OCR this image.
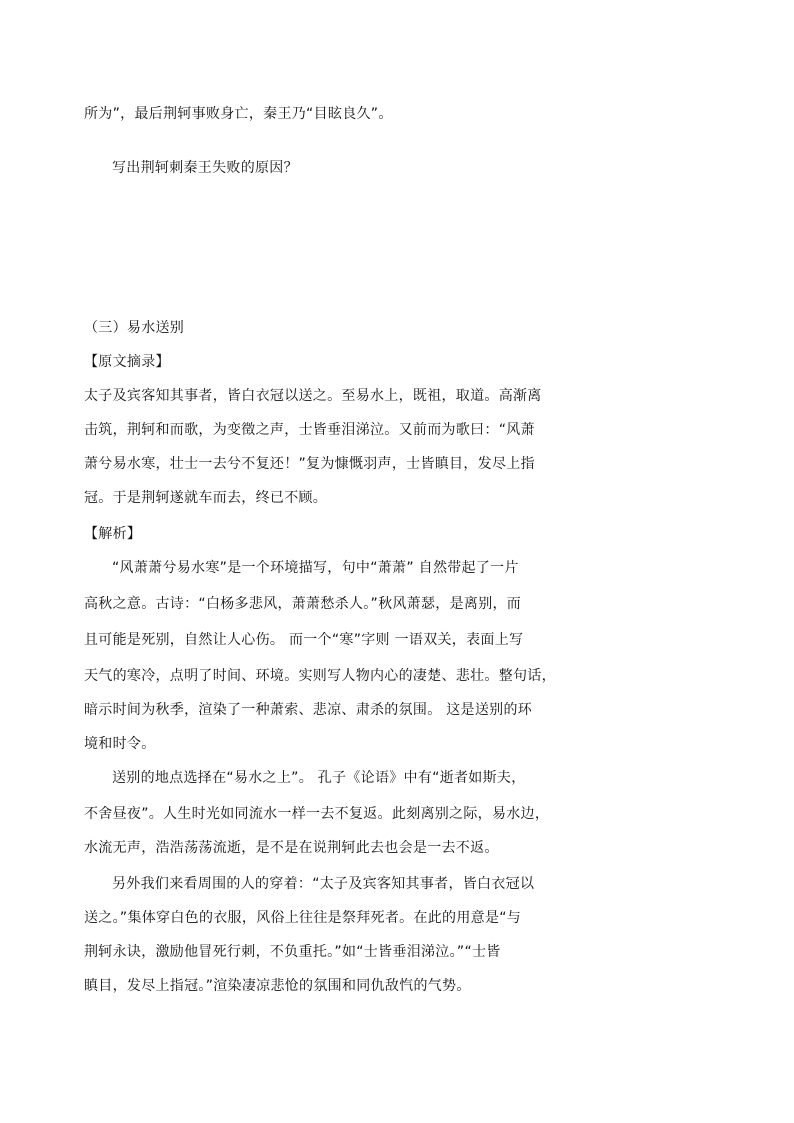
所为”，最后荆轲事败身亡，秦王乃“目眩良久”。
写出荆轲刺秦王失败的原因？
（三）易水送别
【原文摘录】
太子及宾客知其事者，皆白衣冠以送之。至易水上，既祖，取道。高渐离
击筑，荆轲和而歌，为变徵之声，士皆垂泪涕泣。又前而为歌曰：“风萧
萧兮易水寒，壮士一去兮不复还！”复为慷慨羽声，士皆瞋目，发尽上指
冠。于是荆轲遂就车而去，终已不顾。
【解析】
“风萧萧兮易水寒”是一个环境描写，句中“萧萧” 自然带起了一片
高秋之意。古诗：“白杨多悲风，萧萧愁杀人。”秋风萧瑟，是离别，而
且可能是死别，自然让人心伤。 而一个“寒”字则 一语双关，表面上写
天气的寒冷，点明了时间、环境。实则写人物内心的凄楚、悲壮。整句话，
暗示时间为秋季，渲染了一种萧索、悲凉、肃杀的氛围。 这是送别的环
境和时令。
送别的地点选择在“易水之上”。 孔子《论语》中有“逝者如斯夫，
不舍昼夜”。人生时光如同流水一样一去不复返。此刻离别之际，易水边，
水流无声，浩浩荡荡流逝，是不是在说荆轲此去也会是一去不返。
另外我们来看周围的人的穿着：“太子及宾客知其事者，皆白衣冠以
送之。”集体穿白色的衣服，风俗上往往是祭拜死者。在此的用意是“与
荆轲永诀，激励他冒死行刺，不负重托。”如“士皆垂泪涕泣。”“士皆
瞋目，发尽上指冠。”渲染凄凉悲怆的氛围和同仇敌忾的气势。
